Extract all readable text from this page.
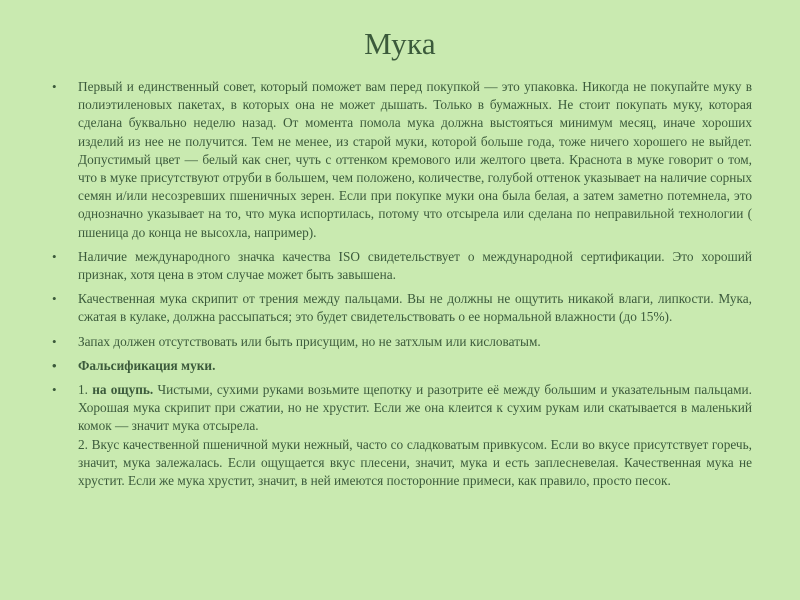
Мука
•	Первый и единственный совет, который поможет вам перед покупкой — это упаковка. Никогда не покупайте муку в полиэтиленовых пакетах, в которых она не может дышать. Только в бумажных. Не стоит покупать муку, которая сделана буквально неделю назад. От момента помола мука должна выстояться минимум месяц, иначе хороших изделий из нее не получится. Тем не менее, из старой муки, которой больше года, тоже ничего хорошего не выйдет. Допустимый цвет — белый как снег, чуть с оттенком кремового или желтого цвета. Краснота в муке говорит о том, что в муке присутствуют отруби в большем, чем положено, количестве, голубой оттенок указывает на наличие сорных семян и/или несозревших пшеничных зерен. Если при покупке муки она была белая, а затем заметно потемнела, это однозначно указывает на то, что мука испортилась, потому что отсырела или сделана по неправильной технологии ( пшеница до конца не высохла, например).
•	Наличие международного значка качества ISO свидетельствует о международной сертификации. Это хороший признак, хотя цена в этом случае может быть завышена.
•	Качественная мука скрипит от трения между пальцами. Вы не должны не ощутить никакой влаги, липкости. Мука, сжатая в кулаке, должна рассыпаться; это будет свидетельствовать о ее нормальной влажности (до 15%).
•	Запах должен отсутствовать или быть присущим, но не затхлым или кисловатым.
•	Фальсификация муки.
•	1. на ощупь. Чистыми, сухими руками возьмите щепотку и разотрите её между большим и указательным пальцами. Хорошая мука скрипит при сжатии, но не хрустит. Если же она клеится к сухим рукам или скатывается в маленький комок — значит мука отсырела.
2. Вкус качественной пшеничной муки нежный, часто со сладковатым привкусом. Если во вкусе присутствует горечь, значит, мука залежалась. Если ощущается вкус плесени, значит, мука и есть заплесневелая. Качественная мука не хрустит. Если же мука хрустит, значит, в ней имеются посторонние примеси, как правило, просто песок.
